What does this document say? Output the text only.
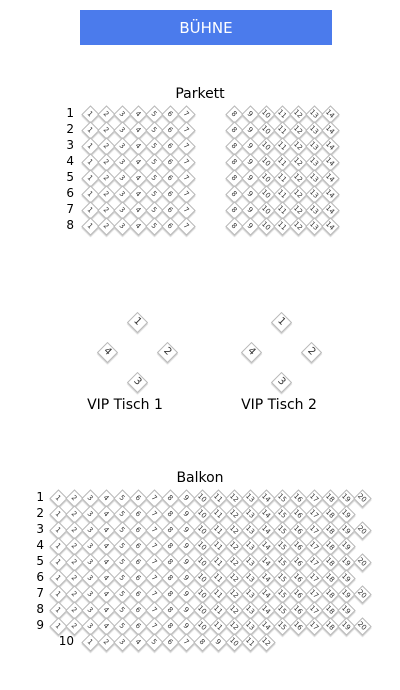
BÜHNE
Parkett
1	1	2	3	4	5	6	7	8	9 10 11 12 13 14
2	1	2	3	4	5	6	7	8	9 10 11 12 13 14
3	1	2	3	4	5	6	7	8	9 10 11 12 13 14
4	1	2	3	4	5	6	7	8	9 10 11 12 13 14
5	1	2	3	4	5	6	7	8	9 10 11 12 13 14
6	1	2	3	4	5	6	7	8	9 10 11 12 13 14
7	1	2	3	4	5	6	7	8	9 10 11 12 13 14
8	1	2	3	4	5	6	7	8	9 10 11 12 13 14
1
2
3
4
1
2
3
4
VIP Tisch 1	VIP Tisch 2
Balkon
1	1	2	3	4	5	6	7	8	9 10 11 12 13 14 15 16 17 18 19 20
2	1	2	3	4	5	6	7	8	9 10 11 12 13 14 15 16 17 18 19
3	1	2	3	4	5	6	7	8	9 10 11 12 13 14 15 16 17 18 19 20
4	1	2	3	4	5	6	7	8	9 10 11 12 13 14 15 16 17 18 19
5	1	2	3	4	5	6	7	8	9 10 11 12 13 14 15 16 17 18 19 20
6	1	2	3	4	5	6	7	8	9 10 11 12 13 14 15 16 17 18 19
7	1	2	3	4	5	6	7	8	9 10 11 12 13 14 15 16 17 18 19 20
8	1	2	3	4	5	6	7	8	9 10 11 12 13 14 15 16 17 18 19
9	1	2	3	4	5	6	7	8	9 10 11 12 13 14 15 16 17 18 19 20
10	1	2	3	4	5	6	7	8	9 10 11 12
